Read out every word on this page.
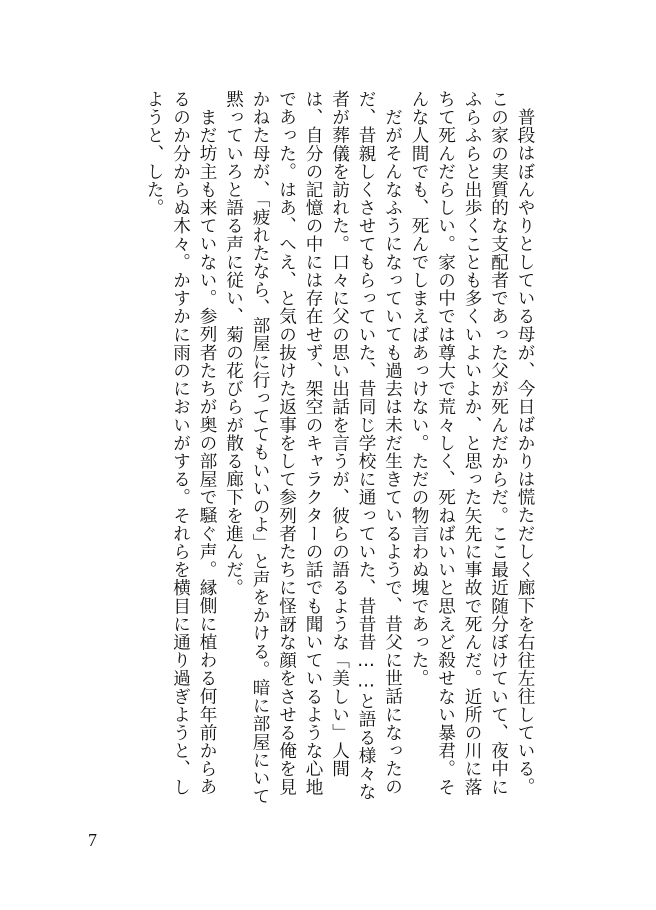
普段はぼんやりとしている母が、今日ばかりは慌ただしく廊下を右往左往している。この家の実質的な支配者であった父が死んだからだ。ここ最近随分ぼけていて、夜中にふらふらと出歩くことも多くいよいよか、と思った矢先に事故で死んだ。近所の川に落ちて死んだらしい。家の中では尊大で荒々しく、死ねばいいと思えど殺せない暴君。そんな人間でも、死んでしまえばあっけない。ただの物言わぬ塊であった。

だがそんなふうになっていても過去は未だ生きているようで、昔父に世話になったのだ、昔親しくさせてもらっていた、昔同じ学校に通っていた、昔昔昔……と語る様々な者が葬儀を訪れた。口々に父の思い出話を言うが、彼らの語るような「美しい」人間は、自分の記憶の中には存在せず、架空のキャラクターの話でも聞いているような心地であった。はあ、へえ、と気の抜けた返事をして参列者たちに怪訝な顔をさせる俺を見かねた母が、「疲れたなら、部屋に行っててもいいのよ」と声をかける。暗に部屋にいて黙っていろと語る声に従い、菊の花びらが散る廊下を進んだ。

まだ坊主も来ていない。参列者たちが奥の部屋で騒ぐ声。縁側に植わる何年前からあるのか分からぬ木々。かすかに雨のにおいがする。それらを横目に通り過ぎようと、しようと、した。

7
